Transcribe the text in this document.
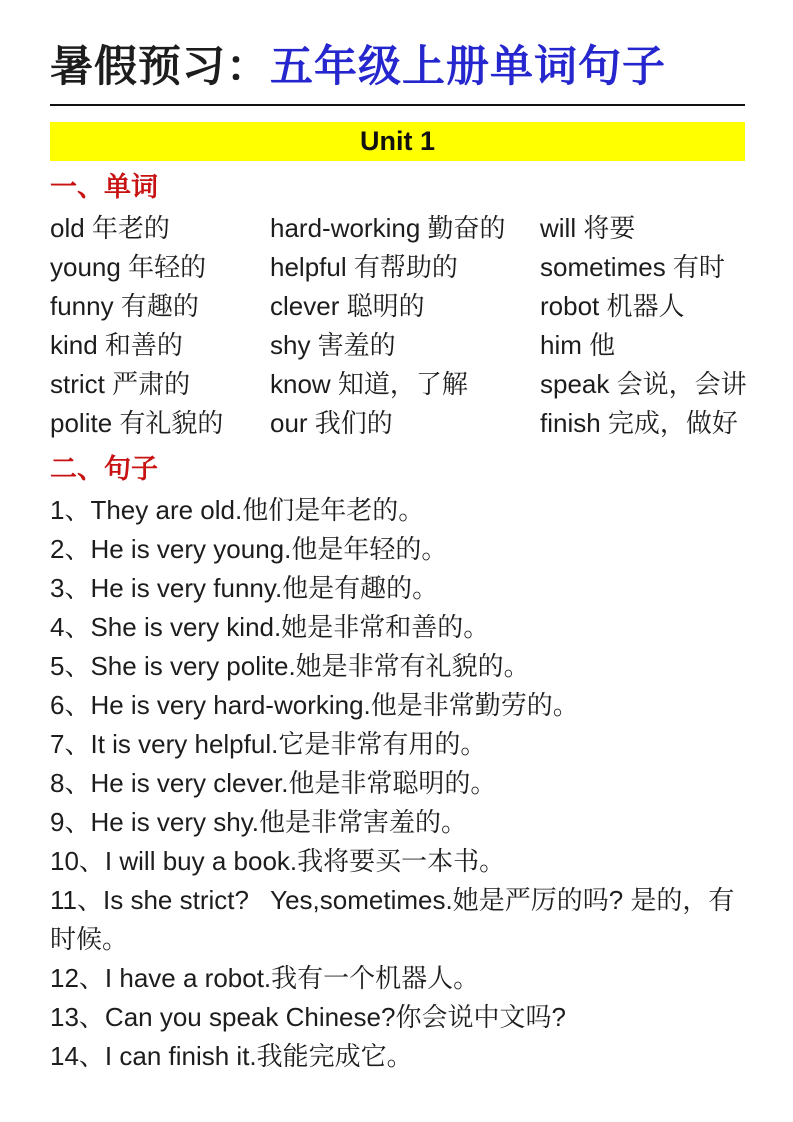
暑假预习：五年级上册单词句子
Unit 1
一、单词
old 年老的	hard-working 勤奋的	will 将要
young 年轻的	helpful 有帮助的	sometimes 有时
funny 有趣的	clever 聪明的	robot 机器人
kind 和善的	shy 害羞的	him 他
strict 严肃的	know 知道，了解	speak 会说，会讲
polite 有礼貌的	our 我们的	finish 完成，做好
二、句子
1、They are old.他们是年老的。
2、He is very young.他是年轻的。
3、He is very funny.他是有趣的。
4、She is very kind.她是非常和善的。
5、She is very polite.她是非常有礼貌的。
6、He is very hard-working.他是非常勤劳的。
7、It is very helpful.它是非常有用的。
8、He is very clever.他是非常聪明的。
9、He is very shy.他是非常害羞的。
10、I will buy a book.我将要买一本书。
11、Is she strict?   Yes,sometimes.她是严厉的吗? 是的，有时候。
12、I have a robot.我有一个机器人。
13、Can you speak Chinese?你会说中文吗?
14、I can finish it.我能完成它。
